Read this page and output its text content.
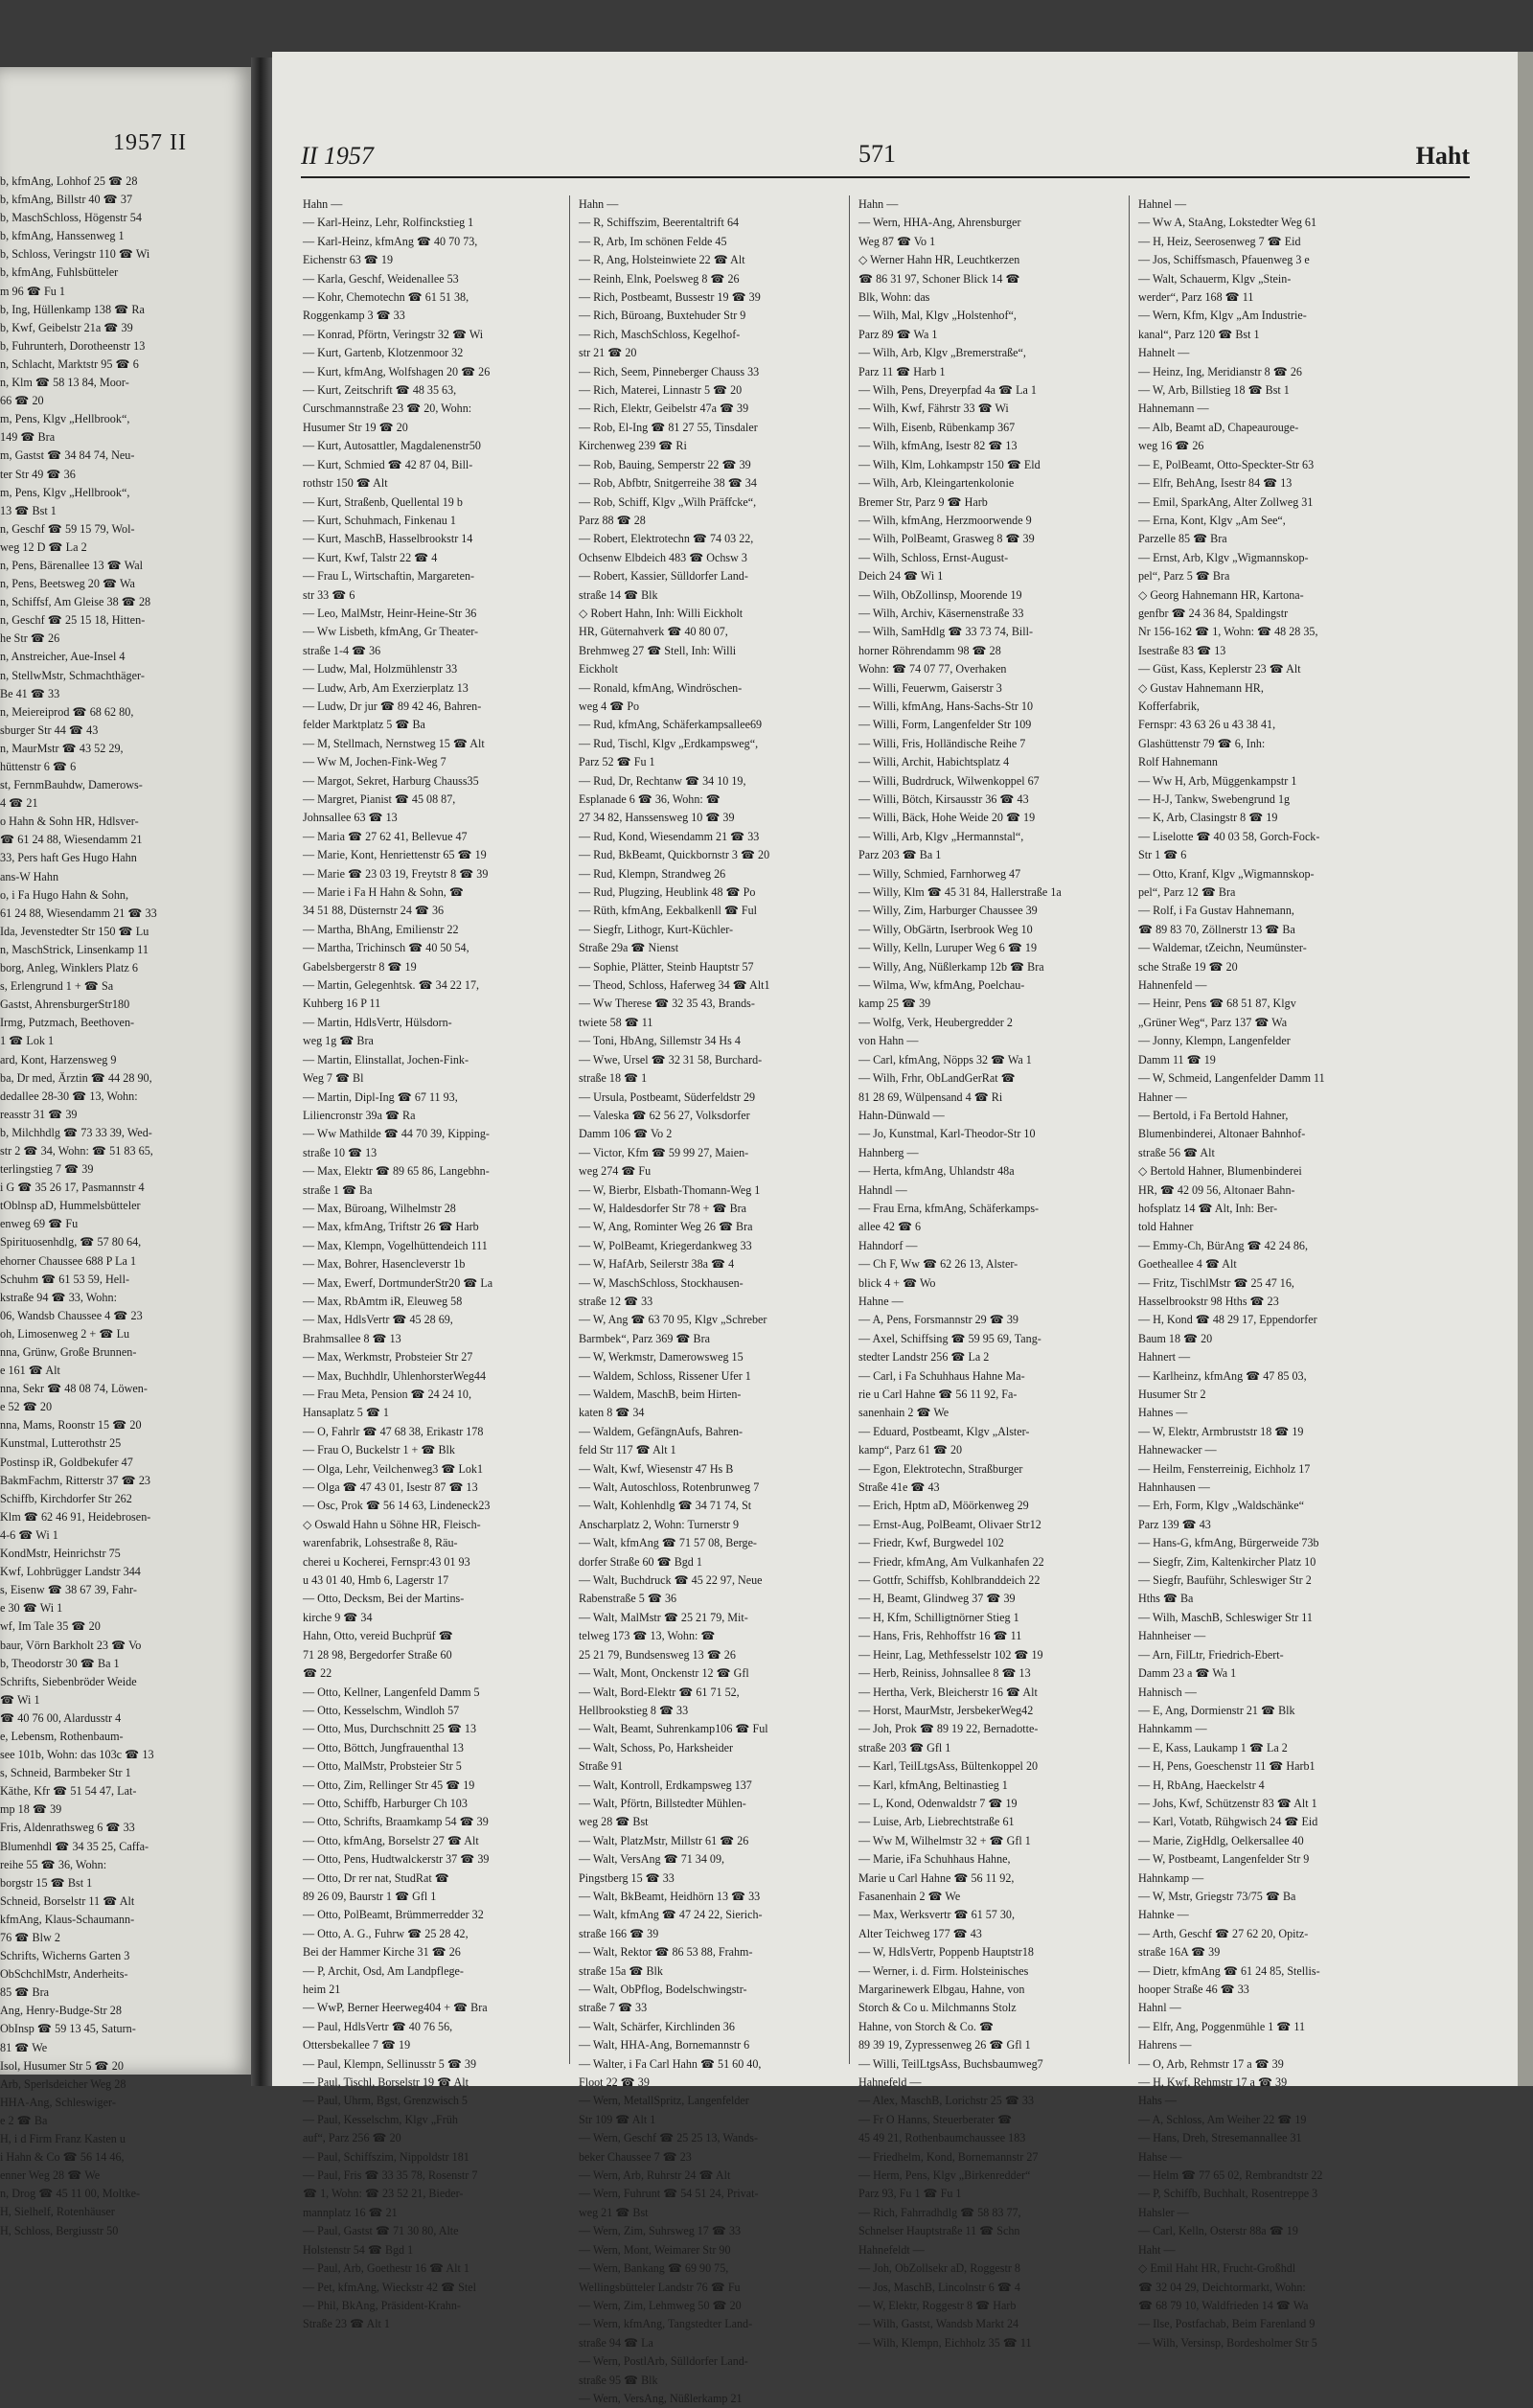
1957 II
b, kfmAng, Lohhof 25 ☎ 28
b, kfmAng, Billstr 40 ☎ 37
b, MaschSchloss, Högenstr 54
b, kfmAng, Hanssenweg 1
b, Schloss, Veringstr 110 ☎ Wi
b, kfmAng, Fuhlsbütteler
m 96 ☎ Fu 1
b, Ing, Hüllenkamp 138 ☎ Ra
b, Kwf, Geibelstr 21a ☎ 39
b, Fuhrunterh, Dorotheenstr 13
n, Schlacht, Marktstr 95 ☎ 6
n, Klm ☎ 58 13 84, Moor-
66 ☎ 20
m, Pens, Klgv „Hellbrook“,
149 ☎ Bra
m, Gastst ☎ 34 84 74, Neu-
ter Str 49 ☎ 36
m, Pens, Klgv „Hellbrook“,
13 ☎ Bst 1
n, Geschf ☎ 59 15 79, Wol-
weg 12 D ☎ La 2
n, Pens, Bärenallee 13 ☎ Wal
n, Pens, Beetsweg 20 ☎ Wa
n, Schiffsf, Am Gleise 38 ☎ 28
n, Geschf ☎ 25 15 18, Hitten-
he Str ☎ 26
n, Anstreicher, Aue-Insel 4
n, StellwMstr, Schmachthäger-
Be 41 ☎ 33
n, Meiereiprod ☎ 68 62 80,
sburger Str 44 ☎ 43
n, MaurMstr ☎ 43 52 29,
hüttenstr 6 ☎ 6
st, FernmBauhdw, Damerows-
4 ☎ 21
o Hahn & Sohn HR, Hdlsver-
☎ 61 24 88, Wiesendamm 21
33, Pers haft Ges Hugo Hahn
ans-W Hahn
o, i Fa Hugo Hahn & Sohn,
61 24 88, Wiesendamm 21 ☎ 33
Ida, Jevenstedter Str 150 ☎ Lu
n, MaschStrick, Linsenkamp 11
borg, Anleg, Winklers Platz 6
s, Erlengrund 1 + ☎ Sa
Gastst, AhrensburgerStr180
Irmg, Putzmach, Beethoven-
1 ☎ Lok 1
ard, Kont, Harzensweg 9
ba, Dr med, Ärztin ☎ 44 28 90,
dedallee 28-30 ☎ 13, Wohn:
reasstr 31 ☎ 39
b, Milchhdlg ☎ 73 33 39, Wed-
str 2 ☎ 34, Wohn: ☎ 51 83 65,
terlingstieg 7 ☎ 39
i G ☎ 35 26 17, Pasmannstr 4
tOblnsp aD, Hummelsbütteler
enweg 69 ☎ Fu
Spirituosenhdlg, ☎ 57 80 64,
ehorner Chaussee 688 P La 1
Schuhm ☎ 61 53 59, Hell-
kstraße 94 ☎ 33, Wohn:
06, Wandsb Chaussee 4 ☎ 23
oh, Limosenweg 2 + ☎ Lu
nna, Grünw, Große Brunnen-
e 161 ☎ Alt
nna, Sekr ☎ 48 08 74, Löwen-
e 52 ☎ 20
nna, Mams, Roonstr 15 ☎ 20
Kunstmal, Lutterothstr 25
Postinsp iR, Goldbekufer 47
BakmFachm, Ritterstr 37 ☎ 23
Schiffb, Kirchdorfer Str 262
Klm ☎ 62 46 91, Heidebrosen-
4-6 ☎ Wi 1
KondMstr, Heinrichstr 75
Kwf, Lohbrügger Landstr 344
s, Eisenw ☎ 38 67 39, Fahr-
e 30 ☎ Wi 1
wf, Im Tale 35 ☎ 20
baur, Vörn Barkholt 23 ☎ Vo
b, Theodorstr 30 ☎ Ba 1
Schrifts, Siebenbröder Weide
☎ Wi 1
☎ 40 76 00, Alardusstr 4
e, Lebensm, Rothenbaum-
see 101b, Wohn: das 103c ☎ 13
s, Schneid, Barmbeker Str 1
Käthe, Kfr ☎ 51 54 47, Lat-
mp 18 ☎ 39
Fris, Aldenrathsweg 6 ☎ 33
Blumenhdl ☎ 34 35 25, Caffa-
reihe 55 ☎ 36, Wohn:
borgstr 15 ☎ Bst 1
Schneid, Borselstr 11 ☎ Alt
kfmAng, Klaus-Schaumann-
76 ☎ Blw 2
Schrifts, Wicherns Garten 3
ObSchchlMstr, Anderheits-
85 ☎ Bra
Ang, Henry-Budge-Str 28
ObInsp ☎ 59 13 45, Saturn-
81 ☎ We
Isol, Husumer Str 5 ☎ 20
Arb, Sperlsdeicher Weg 28
HHA-Ang, Schleswiger-
e 2 ☎ Ba
H, i d Firm Franz Kasten u
i Hahn & Co ☎ 56 14 46,
enner Weg 28 ☎ We
n, Drog ☎ 45 11 00, Moltke-
H, Sielhelf, Rotenhäuser
H, Schloss, Bergiusstr 50
II 1957	571	Haht
Hahn —
— Karl-Heinz, Lehr, Rolfinckstieg 1
— Karl-Heinz, kfmAng ☎ 40 70 73,
Eichenstr 63 ☎ 19
— Karla, Geschf, Weidenallee 53
— Kohr, Chemotechn ☎ 61 51 38,
Roggenkamp 3 ☎ 33
— Konrad, Pförtn, Veringstr 32 ☎ Wi
— Kurt, Gartenb, Klotzenmoor 32
— Kurt, kfmAng, Wolfshagen 20 ☎ 26
— Kurt, Zeitschrift ☎ 48 35 63,
Curschmannstraße 23 ☎ 20, Wohn:
Husumer Str 19 ☎ 20
— Kurt, Autosattler, Magdalenenstr50
— Kurt, Schmied ☎ 42 87 04, Bill-
rothstr 150 ☎ Alt
— Kurt, Straßenb, Quellental 19 b
— Kurt, Schuhmach, Finkenau 1
— Kurt, MaschB, Hasselbrookstr 14
— Kurt, Kwf, Talstr 22 ☎ 4
— Frau L, Wirtschaftin, Margareten-
str 33 ☎ 6
— Leo, MalMstr, Heinr-Heine-Str 36
— Ww Lisbeth, kfmAng, Gr Theater-
straße 1-4 ☎ 36
— Ludw, Mal, Holzmühlenstr 33
— Ludw, Arb, Am Exerzierplatz 13
— Ludw, Dr jur ☎ 89 42 46, Bahren-
felder Marktplatz 5 ☎ Ba
— M, Stellmach, Nernstweg 15 ☎ Alt
— Ww M, Jochen-Fink-Weg 7
— Margot, Sekret, Harburg Chauss35
— Margret, Pianist ☎ 45 08 87,
Johnsallee 63 ☎ 13
— Maria ☎ 27 62 41, Bellevue 47
— Marie, Kont, Henriettenstr 65 ☎ 19
— Marie ☎ 23 03 19, Freytstr 8 ☎ 39
— Marie i Fa H Hahn & Sohn, ☎
34 51 88, Düsternstr 24 ☎ 36
— Martha, BhAng, Emilienstr 22
— Martha, Trichinsch ☎ 40 50 54,
Gabelsbergerstr 8 ☎ 19
— Martin, Gelegenhtsk. ☎ 34 22 17,
Kuhberg 16 P 11
— Martin, HdlsVertr, Hülsdorn-
weg 1g ☎ Bra
— Martin, Elinstallat, Jochen-Fink-
Weg 7 ☎ Bl
— Martin, Dipl-Ing ☎ 67 11 93,
Liliencronstr 39a ☎ Ra
— Ww Mathilde ☎ 44 70 39, Kipping-
straße 10 ☎ 13
— Max, Elektr ☎ 89 65 86, Langebhn-
straße 1 ☎ Ba
— Max, Büroang, Wilhelmstr 28
— Max, kfmAng, Triftstr 26 ☎ Harb
— Max, Klempn, Vogelhüttendeich 111
— Max, Bohrer, Hasencleverstr 1b
— Max, Ewerf, DortmunderStr20 ☎ La
— Max, RbAmtm iR, Eleuweg 58
— Max, HdlsVertr ☎ 45 28 69,
Brahmsallee 8 ☎ 13
— Max, Werkmstr, Probsteier Str 27
— Max, Buchhdlr, UhlenhorsterWeg44
— Frau Meta, Pension ☎ 24 24 10,
Hansaplatz 5 ☎ 1
— O, Fahrlr ☎ 47 68 38, Erikastr 178
— Frau O, Buckelstr 1 + ☎ Blk
— Olga, Lehr, Veilchenweg3 ☎ Lok1
— Olga ☎ 47 43 01, Isestr 87 ☎ 13
— Osc, Prok ☎ 56 14 63, Lindeneck23
◇ Oswald Hahn u Söhne HR, Fleisch-
warenfabrik, Lohsestraße 8, Räu-
cherei u Kocherei, Fernspr:43 01 93
u 43 01 40, Hmb 6, Lagerstr 17
— Otto, Decksm, Bei der Martins-
kirche 9 ☎ 34
Hahn, Otto, vereid Buchprüf ☎
71 28 98, Bergedorfer Straße 60
☎ 22
— Otto, Kellner, Langenfeld Damm 5
— Otto, Kesselschm, Windloh 57
— Otto, Mus, Durchschnitt 25 ☎ 13
— Otto, Böttch, Jungfrauenthal 13
— Otto, MalMstr, Probsteier Str 5
— Otto, Zim, Rellinger Str 45 ☎ 19
— Otto, Schiffb, Harburger Ch 103
— Otto, Schrifts, Braamkamp 54 ☎ 39
— Otto, kfmAng, Borselstr 27 ☎ Alt
— Otto, Pens, Hudtwalckerstr 37 ☎ 39
— Otto, Dr rer nat, StudRat ☎
89 26 09, Baurstr 1 ☎ Gfl 1
— Otto, PolBeamt, Brümmerredder 32
— Otto, A. G., Fuhrw ☎ 25 28 42,
Bei der Hammer Kirche 31 ☎ 26
— P, Archit, Osd, Am Landpflege-
heim 21
— WwP, Berner Heerweg404 + ☎ Bra
— Paul, HdlsVertr ☎ 40 76 56,
Ottersbekallee 7 ☎ 19
— Paul, Klempn, Sellinusstr 5 ☎ 39
— Paul, Tischl, Borselstr 19 ☎ Alt
— Paul, Uhrm, Bgst, Grenzwisch 5
— Paul, Kesselschm, Klgv „Früh
auf“, Parz 256 ☎ 20
— Paul, Schiffszim, Nippoldstr 181
— Paul, Fris ☎ 33 35 78, Rosenstr 7
☎ 1, Wohn: ☎ 23 52 21, Bieder-
mannplatz 16 ☎ 21
— Paul, Gastst ☎ 71 30 80, Alte
Holstenstr 54 ☎ Bgd 1
— Paul, Arb, Goethestr 16 ☎ Alt 1
— Pet, kfmAng, Wieckstr 42 ☎ Stel
— Phil, BkAng, Präsident-Krahn-
Straße 23 ☎ Alt 1
Hahn —
— R, Schiffszim, Beerentaltrift 64
— R, Arb, Im schönen Felde 45
— R, Ang, Holsteinwiete 22 ☎ Alt
— Reinh, Elnk, Poelsweg 8 ☎ 26
— Rich, Postbeamt, Bussestr 19 ☎ 39
— Rich, Büroang, Buxtehuder Str 9
— Rich, MaschSchloss, Kegelhof-
str 21 ☎ 20
— Rich, Seem, Pinneberger Chauss 33
— Rich, Materei, Linnastr 5 ☎ 20
— Rich, Elektr, Geibelstr 47a ☎ 39
— Rob, El-Ing ☎ 81 27 55, Tinsdaler
Kirchenweg 239 ☎ Ri
— Rob, Bauing, Semperstr 22 ☎ 39
— Rob, Abfbtr, Snitgerreihe 38 ☎ 34
— Rob, Schiff, Klgv „Wilh Präffcke“,
Parz 88 ☎ 28
— Robert, Elektrotechn ☎ 74 03 22,
Ochsenw Elbdeich 483 ☎ Ochsw 3
— Robert, Kassier, Sülldorfer Land-
straße 14 ☎ Blk
◇ Robert Hahn, Inh: Willi Eickholt
HR, Güternahverk ☎ 40 80 07,
Brehmweg 27 ☎ Stell, Inh: Willi
Eickholt
— Ronald, kfmAng, Windröschen-
weg 4 ☎ Po
— Rud, kfmAng, Schäferkampsallee69
— Rud, Tischl, Klgv „Erdkampsweg“,
Parz 52 ☎ Fu 1
— Rud, Dr, Rechtanw ☎ 34 10 19,
Esplanade 6 ☎ 36, Wohn: ☎
27 34 82, Hanssensweg 10 ☎ 39
— Rud, Kond, Wiesendamm 21 ☎ 33
— Rud, BkBeamt, Quickbornstr 3 ☎ 20
— Rud, Klempn, Strandweg 26
— Rud, Plugzing, Heublink 48 ☎ Po
— Rüth, kfmAng, Eekbalkenll ☎ Ful
— Siegfr, Lithogr, Kurt-Küchler-
Straße 29a ☎ Nienst
— Sophie, Plätter, Steinb Hauptstr 57
— Theod, Schloss, Haferweg 34 ☎ Alt1
— Ww Therese ☎ 32 35 43, Brands-
twiete 58 ☎ 11
— Toni, HbAng, Sillemstr 34 Hs 4
— Wwe, Ursel ☎ 32 31 58, Burchard-
straße 18 ☎ 1
— Ursula, Postbeamt, Süderfeldstr 29
— Valeska ☎ 62 56 27, Volksdorfer
Damm 106 ☎ Vo 2
— Victor, Kfm ☎ 59 99 27, Maien-
weg 274 ☎ Fu
— W, Bierbr, Elsbath-Thomann-Weg 1
— W, Haldesdorfer Str 78 + ☎ Bra
— W, Ang, Rominter Weg 26 ☎ Bra
— W, PolBeamt, Kriegerdankweg 33
— W, HafArb, Seilerstr 38a ☎ 4
— W, MaschSchloss, Stockhausen-
straße 12 ☎ 33
— W, Ang ☎ 63 70 95, Klgv „Schreber
Barmbek“, Parz 369 ☎ Bra
— W, Werkmstr, Damerowsweg 15
— Waldem, Schloss, Rissener Ufer 1
— Waldem, MaschB, beim Hirten-
katen 8 ☎ 34
— Waldem, GefängnAufs, Bahren-
feld Str 117 ☎ Alt 1
— Walt, Kwf, Wiesenstr 47 Hs B
— Walt, Autoschloss, Rotenbrunweg 7
— Walt, Kohlenhdlg ☎ 34 71 74, St
Anscharplatz 2, Wohn: Turnerstr 9
— Walt, kfmAng ☎ 71 57 08, Berge-
dorfer Straße 60 ☎ Bgd 1
— Walt, Buchdruck ☎ 45 22 97, Neue
Rabenstraße 5 ☎ 36
— Walt, MalMstr ☎ 25 21 79, Mit-
telweg 173 ☎ 13, Wohn: ☎
25 21 79, Bundsensweg 13 ☎ 26
— Walt, Mont, Onckenstr 12 ☎ Gfl
— Walt, Bord-Elektr ☎ 61 71 52,
Hellbrookstieg 8 ☎ 33
— Walt, Beamt, Suhrenkamp106 ☎ Ful
— Walt, Schoss, Po, Harksheider
Straße 91
— Walt, Kontroll, Erdkampsweg 137
— Walt, Pförtn, Billstedter Mühlen-
weg 28 ☎ Bst
— Walt, PlatzMstr, Millstr 61 ☎ 26
— Walt, VersAng ☎ 71 34 09,
Pingstberg 15 ☎ 33
— Walt, BkBeamt, Heidhörn 13 ☎ 33
— Walt, kfmAng ☎ 47 24 22, Sierich-
straße 166 ☎ 39
— Walt, Rektor ☎ 86 53 88, Frahm-
straße 15a ☎ Blk
— Walt, ObPflog, Bodelschwingstr-
straße 7 ☎ 33
— Walt, Schärfer, Kirchlinden 36
— Walt, HHA-Ang, Bornemannstr 6
— Walter, i Fa Carl Hahn ☎ 51 60 40,
Floot 22 ☎ 39
— Wern, MetallSpritz, Langenfelder
Str 109 ☎ Alt 1
— Wern, Geschf ☎ 25 25 13, Wands-
beker Chaussee 7 ☎ 23
— Wern, Arb, Ruhrstr 24 ☎ Alt
— Wern, Fuhrunt ☎ 54 51 24, Privat-
weg 21 ☎ Bst
— Wern, Zim, Suhrsweg 17 ☎ 33
— Wern, Mont, Weimarer Str 90
— Wern, Bankang ☎ 69 90 75,
Wellingsbütteler Landstr 76 ☎ Fu
— Wern, Zim, Lehmweg 50 ☎ 20
— Wern, kfmAng, Tangstedter Land-
straße 94 ☎ La
— Wern, PostlArb, Sülldorfer Land-
straße 95 ☎ Blk
— Wern, VersAng, Nüßlerkamp 21
Hahn —
— Wern, HHA-Ang, Ahrensburger
Weg 87 ☎ Vo 1
◇ Werner Hahn HR, Leuchtkerzen
☎ 86 31 97, Schoner Blick 14 ☎
Blk, Wohn: das
— Wilh, Mal, Klgv „Holstenhof“,
Parz 89 ☎ Wa 1
— Wilh, Arb, Klgv „Bremerstraße“,
Parz 11 ☎ Harb 1
— Wilh, Pens, Dreyerpfad 4a ☎ La 1
— Wilh, Kwf, Fährstr 33 ☎ Wi
— Wilh, Eisenb, Rübenkamp 367
— Wilh, kfmAng, Isestr 82 ☎ 13
— Wilh, Klm, Lohkampstr 150 ☎ Eld
— Wilh, Arb, Kleingartenkolonie
Bremer Str, Parz 9 ☎ Harb
— Wilh, kfmAng, Herzmoorwende 9
— Wilh, PolBeamt, Grasweg 8 ☎ 39
— Wilh, Schloss, Ernst-August-
Deich 24 ☎ Wi 1
— Wilh, ObZollinsp, Moorende 19
— Wilh, Archiv, Käsernenstraße 33
— Wilh, SamHdlg ☎ 33 73 74, Bill-
horner Röhrendamm 98 ☎ 28
Wohn: ☎ 74 07 77, Overhaken
— Willi, Feuerwm, Gaiserstr 3
— Willi, kfmAng, Hans-Sachs-Str 10
— Willi, Form, Langenfelder Str 109
— Willi, Fris, Holländische Reihe 7
— Willi, Archit, Habichtsplatz 4
— Willi, Budrdruck, Wilwenkoppel 67
— Willi, Bötch, Kirsausstr 36 ☎ 43
— Willi, Bäck, Hohe Weide 20 ☎ 19
— Willi, Arb, Klgv „Hermannstal“,
Parz 203 ☎ Ba 1
— Willy, Schmied, Farnhorweg 47
— Willy, Klm ☎ 45 31 84, Hallerstraße 1a
— Willy, Zim, Harburger Chaussee 39
— Willy, ObGärtn, Iserbrook Weg 10
— Willy, Kelln, Luruper Weg 6 ☎ 19
— Willy, Ang, Nüßlerkamp 12b ☎ Bra
— Wilma, Ww, kfmAng, Poelchau-
kamp 25 ☎ 39
— Wolfg, Verk, Heubergredder 2
von Hahn —
— Carl, kfmAng, Nöpps 32 ☎ Wa 1
— Wilh, Frhr, ObLandGerRat ☎
81 28 69, Wülpensand 4 ☎ Ri
Hahn-Dünwald —
— Jo, Kunstmal, Karl-Theodor-Str 10
Hahnberg —
— Herta, kfmAng, Uhlandstr 48a
Hahndl —
— Frau Erna, kfmAng, Schäferkamps-
allee 42 ☎ 6
Hahndorf —
— Ch F, Ww ☎ 62 26 13, Alster-
blick 4 + ☎ Wo
Hahne —
— A, Pens, Forsmannstr 29 ☎ 39
— Axel, Schiffsing ☎ 59 95 69, Tang-
stedter Landstr 256 ☎ La 2
— Carl, i Fa Schuhhaus Hahne Ma-
rie u Carl Hahne ☎ 56 11 92, Fa-
sanenhain 2 ☎ We
— Eduard, Postbeamt, Klgv „Alster-
kamp“, Parz 61 ☎ 20
— Egon, Elektrotechn, Straßburger
Straße 41e ☎ 43
— Erich, Hptm aD, Möörkenweg 29
— Ernst-Aug, PolBeamt, Olivaer Str12
— Friedr, Kwf, Burgwedel 102
— Friedr, kfmAng, Am Vulkanhafen 22
— Gottfr, Schiffsb, Kohlbranddeich 22
— H, Beamt, Glindweg 37 ☎ 39
— H, Kfm, Schilligtnörner Stieg 1
— Hans, Fris, Rehhoffstr 16 ☎ 11
— Heinr, Lag, Methfesselstr 102 ☎ 19
— Herb, Reiniss, Johnsallee 8 ☎ 13
— Hertha, Verk, Bleicherstr 16 ☎ Alt
— Horst, MaurMstr, JersbekerWeg42
— Joh, Prok ☎ 89 19 22, Bernadotte-
straße 203 ☎ Gfl 1
— Karl, TeilLtgsAss, Bültenkoppel 20
— Karl, kfmAng, Beltinastieg 1
— L, Kond, Odenwaldstr 7 ☎ 19
— Luise, Arb, Liebrechtstraße 61
— Ww M, Wilhelmstr 32 + ☎ Gfl 1
— Marie, iFa Schuhhaus Hahne,
Marie u Carl Hahne ☎ 56 11 92,
Fasanenhain 2 ☎ We
— Max, Werksvertr ☎ 61 57 30,
Alter Teichweg 177 ☎ 43
— W, HdlsVertr, Poppenb Hauptstr18
— Werner, i. d. Firm. Holsteinisches
Margarinewerk Elbgau, Hahne, von
Storch & Co u. Milchmanns Stolz
Hahne, von Storch & Co. ☎
89 39 19, Zypressenweg 26 ☎ Gfl 1
— Willi, TeilLtgsAss, Buchsbaumweg7
Hahnefeld —
— Alex, MaschB, Lorichstr 25 ☎ 33
— Fr O Hanns, Steuerberater ☎
45 49 21, Rothenbaumchaussee 183
— Friedhelm, Kond, Bornemannstr 27
— Herm, Pens, Klgv „Birkenredder“
Parz 93, Fu 1 ☎ Fu 1
— Rich, Fahrradhdlg ☎ 58 83 77,
Schnelser Hauptstraße 11 ☎ Schn
Hahnefeldt —
— Joh, ObZollsekr aD, Roggestr 8
— Jos, MaschB, Lincolnstr 6 ☎ 4
— W, Elektr, Roggestr 8 ☎ Harb
— Wilh, Gastst, Wandsb Markt 24
— Wilh, Klempn, Eichholz 35 ☎ 11
Hahnel —
— Ww A, StaAng, Lokstedter Weg 61
— H, Heiz, Seerosenweg 7 ☎ Eid
— Jos, Schiffsmasch, Pfauenweg 3 e
— Walt, Schauerm, Klgv „Stein-
werder“, Parz 168 ☎ 11
— Wern, Kfm, Klgv „Am Industrie-
kanal“, Parz 120 ☎ Bst 1
Hahnelt —
— Heinz, Ing, Meridianstr 8 ☎ 26
— W, Arb, Billstieg 18 ☎ Bst 1
Hahnemann —
— Alb, Beamt aD, Chapeaurouge-
weg 16 ☎ 26
— E, PolBeamt, Otto-Speckter-Str 63
— Elfr, BehAng, Isestr 84 ☎ 13
— Emil, SparkAng, Alter Zollweg 31
— Erna, Kont, Klgv „Am See“,
Parzelle 85 ☎ Bra
— Ernst, Arb, Klgv „Wigmannskop-
pel“, Parz 5 ☎ Bra
◇ Georg Hahnemann HR, Kartona-
genfbr ☎ 24 36 84, Spaldingstr
Nr 156-162 ☎ 1, Wohn: ☎ 48 28 35,
Isestraße 83 ☎ 13
— Güst, Kass, Keplerstr 23 ☎ Alt
◇ Gustav Hahnemann HR,
Kofferfabrik,
Fernspr: 43 63 26 u 43 38 41,
Glashüttenstr 79 ☎ 6, Inh:
Rolf Hahnemann
— Ww H, Arb, Müggenkampstr 1
— H-J, Tankw, Swebengrund 1g
— K, Arb, Clasingstr 8 ☎ 19
— Liselotte ☎ 40 03 58, Gorch-Fock-
Str 1 ☎ 6
— Otto, Kranf, Klgv „Wigmannskop-
pel“, Parz 12 ☎ Bra
— Rolf, i Fa Gustav Hahnemann,
☎ 89 83 70, Zöllnerstr 13 ☎ Ba
— Waldemar, tZeichn, Neumünster-
sche Straße 19 ☎ 20
Hahnenfeld —
— Heinr, Pens ☎ 68 51 87, Klgv
„Grüner Weg“, Parz 137 ☎ Wa
— Jonny, Klempn, Langenfelder
Damm 11 ☎ 19
— W, Schmeid, Langenfelder Damm 11
Hahner —
— Bertold, i Fa Bertold Hahner,
Blumenbinderei, Altonaer Bahnhof-
straße 56 ☎ Alt
◇ Bertold Hahner, Blumenbinderei
HR, ☎ 42 09 56, Altonaer Bahn-
hofsplatz 14 ☎ Alt, Inh: Ber-
told Hahner
— Emmy-Ch, BürAng ☎ 42 24 86,
Goetheallee 4 ☎ Alt
— Fritz, TischlMstr ☎ 25 47 16,
Hasselbrookstr 98 Hths ☎ 23
— H, Kond ☎ 48 29 17, Eppendorfer
Baum 18 ☎ 20
Hahnert —
— Karlheinz, kfmAng ☎ 47 85 03,
Husumer Str 2
Hahnes —
— W, Elektr, Armbruststr 18 ☎ 19
Hahnewacker —
— Heilm, Fensterreinig, Eichholz 17
Hahnhausen —
— Erh, Form, Klgv „Waldschänke“
Parz 139 ☎ 43
— Hans-G, kfmAng, Bürgerweide 73b
— Siegfr, Zim, Kaltenkircher Platz 10
— Siegfr, Bauführ, Schleswiger Str 2
Hths ☎ Ba
— Wilh, MaschB, Schleswiger Str 11
Hahnheiser —
— Arn, FilLtr, Friedrich-Ebert-
Damm 23 a ☎ Wa 1
Hahnisch —
— E, Ang, Dormienstr 21 ☎ Blk
Hahnkamm —
— E, Kass, Laukamp 1 ☎ La 2
— H, Pens, Goeschenstr 11 ☎ Harb1
— H, RbAng, Haeckelstr 4
— Johs, Kwf, Schützenstr 83 ☎ Alt 1
— Karl, Votatb, Rühgwisch 24 ☎ Eid
— Marie, ZigHdlg, Oelkersallee 40
— W, Postbeamt, Langenfelder Str 9
Hahnkamp —
— W, Mstr, Griegstr 73/75 ☎ Ba
Hahnke —
— Arth, Geschf ☎ 27 62 20, Opitz-
straße 16A ☎ 39
— Dietr, kfmAng ☎ 61 24 85, Stellis-
hooper Straße 46 ☎ 33
Hahnl —
— Elfr, Ang, Poggenmühle 1 ☎ 11
Hahrens —
— O, Arb, Rehmstr 17 a ☎ 39
— H, Kwf, Rehmstr 17 a ☎ 39
Hahs —
— A, Schloss, Am Weiher 22 ☎ 19
— Hans, Dreh, Stresemannallee 31
Hahse —
— Helm ☎ 77 65 02, Rembrandtstr 22
— P, Schiffb, Buchhalt, Rosentreppe 3
Hahsler —
— Carl, Kelln, Osterstr 88a ☎ 19
Haht —
◇ Emil Haht HR, Frucht-Großhdl
☎ 32 04 29, Deichtormarkt, Wohn:
☎ 68 79 10, Waldfrieden 14 ☎ Wa
— Ilse, Postfachab, Beim Farenland 9
— Wilh, Versinsp, Bordesholmer Str 5
